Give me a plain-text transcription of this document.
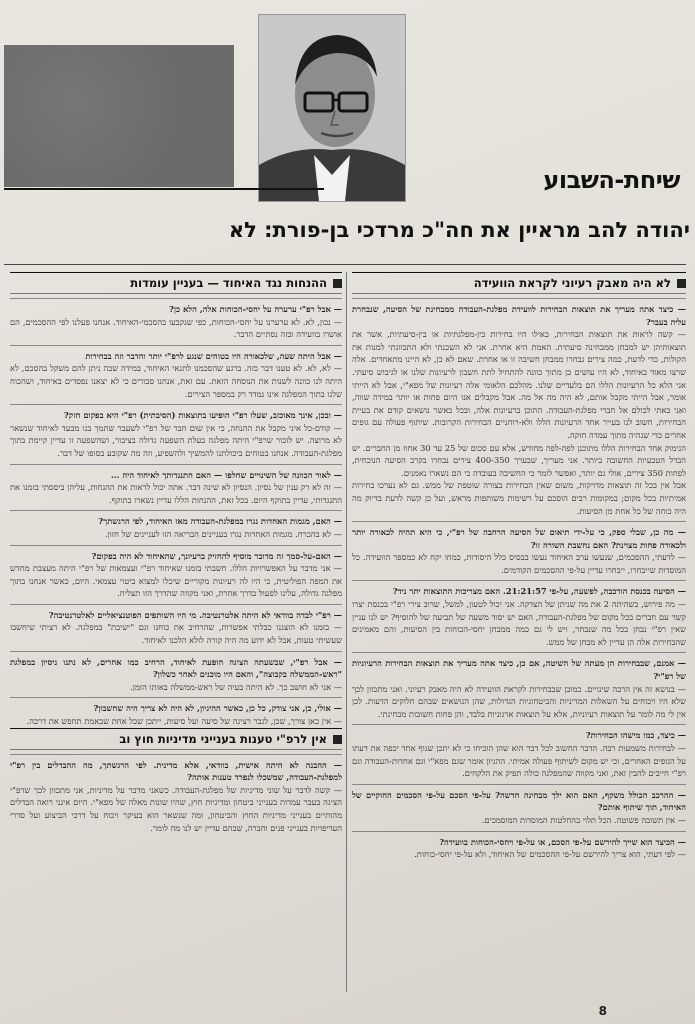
שיחת-השבוע
יהודה להב מראיין את חה"כ מרדכי בן-פורת: לא
לא היה מאבק רעיוני לקראת הוועידה
— כיצד אתה מעריך את תוצאות הבחירות לוועידת מפלגת-העבודה ממבחינת של הסיעה, שנבחרת עליה בעבר?
— קשה לראות את תוצאות הבחירות, כאילו היו בחירות בין-מפלגתיות או בין-סיעתיות, אשר את תוצאותיהן יש למבחן ממבחינה סיעתית. האמת היא אחרת. אני לא השכנתי ולא התכוונתי למנות את הקולות, כדי לדעת, כמה צירים נבחרו ממבחן חשיבה זו או אחרת. שאם לא כן, לא היינו מתאחדים. אלה שרצו מאוד באיחוד, לא היו עושים כן מתוך כוונה להתחיל לתת חשבון לרעיונות שלנו או לגיבוש סיעתי. אני הלא כל הרעיונות הללו הם בלעדיים שלנו. מהלכם הלאומי אלה רעיונות של מפא"י, אבל לא הייתי אומר, אבל הייתי מקבל אותם, לא היה מה אל מה. אבל מקבלים אנו היום פחות או יותר במידה שווה, ואני באתי לכולם אל חברי מפלגת-העבודה. התוכן ברעיונות אלה, ובכל כאשר נושאים קודם את בעיית הבחירות, חשוב לנו בעייר אחד הרעיונות הללו ולא-רוחניים הבחירות הקרובות. שיתוף פעולה עם גופים אחרים כדי שנהיה מתוך עמדה חזקה.
הנימוק אחד הבחירות הללו מתוכנן לפה-לפה מחודש, אלא עם סכום של 25 עד 30 אחוז מן החברים. יש הבדל הטבעיות החשובה ביותר. אני מעריך, שבערך 400-350 צירים נבחרו בקרב הסיעה הנוכחית, לפחות 350 צירים, אולי גם יותר, ואפשר לומר כי החשיבה בעובדה כי הם נשארו נאמנים.
אבל אין בכל זה תוצאות מדויקות, משום שאין הבחירות בצורה שוטפת של ממש. גם לא נערכו בחירות אמיתיות בכל מקום; במקומות רבים הוסכם על רשימות משותפות מראש, ועל כן קשה לדעת בדיוק מה היה כוחה של כל אחת מן הסיעות.
— מה כן, שבלי ספק, כי על-ידי תיאום של הסיעה הרחבה של רפ"י, כי היא תהיה לכאורה יותר ולכאורה פחות מצוינת? האם נחשבת השורה זו?
— לדעתי, ההסכמים, שנעשו ערב האיחוד נעשו בבסיס כלל היסודות, כמחו יקח לא כמספר הוועידה. כל המוסדות שייבחרו, ייבחרו עדיין על-פי ההסכמים הקודמים.
— הסיעה בכנסת הורכבה, לפשעה, על-פי 21:21:57. האם מצריכות התוצאות יתר ניד?
— מה פירוש, כשהיתה 2 את מה שניתן של הצדקה. אני יכול לטעון, למשל, שרוב צירי רפ"י בכנסת יצרו קשר עם חברים בכל מקום של מפלגת-העבודה, האם יש יסוד משעה של תביעה של להוסיף? יש לנו עניין שאין רפ"י נבחן בכל מה שנבחר, ויש לי גם כמה ממבחן יחסי-הכוחות בין הסיעות, והם מאמינים שהבחירות אלה הן עדיין לא מבחן של ממש.
— אמנם, שבבחירות הן מעתה של השיטה, אם כן, כיצד אתה מעריך את תוצאות הבחירות הרעיוניות של רפ"י?
— בנושא זה אין הרבה שינויים. כמובן שבבחירות לקראת הוועידה לא היה מאבק רעיוני. ואני מתכוון לכך שלא היו ויכוחים על השאלות המדיניות והביטחוניות הגדולות, שהן הנושאים שבהם חלוקים הדעות. לכן אין לי מה לומר על תוצאות רעיוניות, אלא על תוצאות ארגוניות בלבד, והן פחות חשובות מבחינתי.
— כיצד, כמו מישהו הבחירות?
— לבחירות משמעות רבה. הדבר החשוב לכל דבר הוא שהן הוכיחו כי לא יתכן שגוף אחד יכפה את דעתו על הגופים האחרים, וכי יש מקום לשיתוף פעולה אמיתי. ההגיון אומר שגם מפא"י וגם אחדות-העבודה וגם רפ"י חייבים להבין זאת, ואני מקווה שהמפלגה כולה תפיק את הלקחים.
— ההרכב הכולל משקף, האם הוא ילך מבחינה חדשה? על-פי הסכם על-פי הסכמים החוקיים של האיחוד, תוך שיתוף אותם?
— אין תשובה פשוטה. הכל תלוי בהחלטות המוסדות המוסמכים.
— הכיצד הוא שייך להירשם על-פי הסכם, או על-פי ויחסי-הכוחות בוועידה?
— לפי דעתי, הוא צריך להירשם על-פי ההסכמים של האיחוד, ולא על-פי יחסי-כוחות.
ההנחות נגד האיחוד — בעניין עומדות
— אבל רפ"י ערערה על יחסי-הכוחות אלה, הלא כן?
— נכון, לא. לא ערערנו על יחסי-הכוחות, כפי שנקבעו בהסכמי-האיחוד. אנחנו פעלנו לפי ההסכמים, הם אושרו בוועידה ובזה נסתיים הדבר.
— אבל היתה שעה, שלכאורה היו בטוחים שנגע לרפ"י יותר והדבר וזה בבחירות
— לא, לא. לא טענו דבר כזה. ברגע שהסכמנו לתנאי האיחוד, במידה שבה ניתן להם משקל בהסכם, לא היתה לנו כוונה לשנות את הנוסחה הזאת. עם זאת, אנחנו סבורים כי לא יצאנו נפסדים באיחוד, ושהכוח שלנו בתוך המפלגה אינו נמדד רק במספר הצירים.
— ובכן, אינך מאוכזב, שעלו רפ"י הופיעו בתוצאות (הסיבתית) רפ"י היא בפקום חזק?
— קודם-כל איני מקבל את ההנחה, כי אין שום חבר של רפ"י לשעבר שתמך בנו מבעד לאיחוד שנשאר לא מרוצה. יש לזכור שרפ"י היתה מפלגה בעלת השפעה גדולה בציבור, ושהשפעה זו עדיין קיימת בתוך מפלגת-העבודה. אנחנו בטוחים ביכולתנו להמשיך ולהשפיע, וזה מה שקובע בסופו של דבר.
— לאור הכוונה של השינויים שחלפו — האם התנגדותך לאיחוד היה ...
— זה לא רק ענין של נסיון. הנסיון לא שינה דבר. אתה יכול לראות את ההנחות, עליהן ביססתי בזמנו את התנגדותי, עדיין בתוקף היום. בכל זאת, ההנחות הללו עדיין נשארו בתוקף.
— האם, מגמות האחדות נגרו במפלגת-העבודה מאז האיחוד, לפי הרגשתך?
— לא בהכרח. מגמות האחדות נגרו בעניינים הבריאה הזו לעניינים של חזון.
— האם-על-סמך זה מדובר מוסיף להחזיק ברעיונך, שהאיחוד לא היה בפקום?
— אני מדבר על האפשרויות הללו. חשבתי בזמנו שאיחוד רפ"י ועצמאות של רפ"י היתה מעצבת מחדש את המפה הפוליטית, כי היו לה רעיונות מקוריים שיכלו למצוא ביטוי עצמאי. היום, כאשר אנחנו בתוך מפלגה גדולה, עלינו לפעול בדרך אחרת, ואני מקווה שהדרך הזו תצליח.
— רפ"י לבדה בוודאי לא היתה אלטרנטיבה. מי היו השותפים הפוטנציאליים לאלטרנטיבה?
— בזמנו לא הוצגנו כבלתי אפשרות, שהרחיב את כוחנו וגם "ישיבת" במפלגה. לא רציתי שיחשבו שעשיתי טעות, אבל לא ידוע מה היה קורה לולא הלכנו לאיחוד.
— אבל רפ"י, שבשעתה הציגה הופעת לאיחוד, הרחיב כמו אחרים, לא נתנו ניסיון במפלגת "ראש-הממשלה בקבוצה", והאם היו מוכנים לאחר כשלון?
— אני לא חושב כך. לא היתה בעיה של ראש-ממשלה באותו הזמן.
— אולי, כן, אני צודק, כל כן, כאשר ההיגיון, לא היה לא צריך היה שחשבון?
— אין כאן צורך, שכן, לגבר רצינה של סיעה ועל סיעות, ייתכן שכל אחת שבאמת תחפש את דרכה.
אין לרפ"י טענות בענייני מדיניות חוץ וב
— ההבנה לא היתה אישית, בוודאי, אלא מדינית. לפי הרגשתך, מה ההבדלים בין רפ"י למפלגת-העבודה, שמשכלו לנפרד טענות אותה?
— קשה לדבר על שוני מדיניות של מפלגת-העבודה. כשאני מדבר על מדיניות, אני מתכוון לכך שרפ"י הציגה בעבר עמדות בענייני ביטחון ומדיניות חוץ, שהיו שונות מאלה של מפא"י. היום אינני רואה הבדלים מהותיים בענייני מדיניות החוץ והביטחון, ומה שנשאר הוא בעיקר ויכוח על דרכי הביצוע ועל סדרי העדיפויות בענייני פנים וחברה, שבהם עדיין יש לנו מה לומר.
8
